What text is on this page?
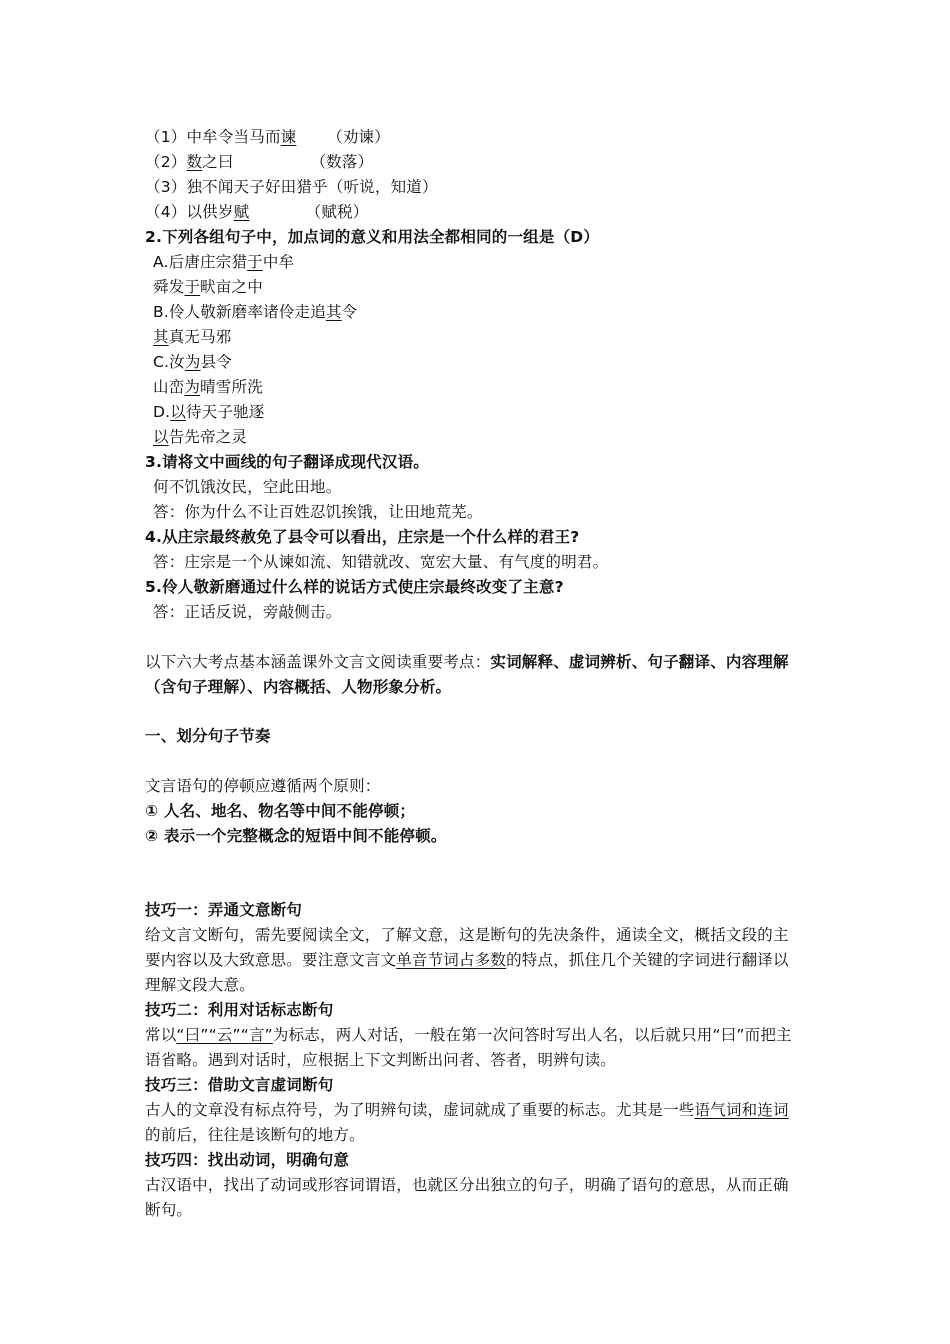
（1）中牟令当马而谏      （劝谏）
（2）数之曰               （数落）
（3）独不闻天子好田猎乎（听说，知道）
（4）以供岁赋           （赋税）
2.下列各组句子中，加点词的意义和用法全都相同的一组是（D）
A.后唐庄宗猎于中牟
舜发于畎亩之中
B.伶人敬新磨率诸伶走追其令
其真无马邪
C.汝为县令
山峦为晴雪所洗
D.以待天子驰逐
以告先帝之灵
3.请将文中画线的句子翻译成现代汉语。
何不饥饿汝民，空此田地。
答：你为什么不让百姓忍饥挨饿，让田地荒芜。
4.从庄宗最终赦免了县令可以看出，庄宗是一个什么样的君王?
答：庄宗是一个从谏如流、知错就改、宽宏大量、有气度的明君。
5.伶人敬新磨通过什么样的说话方式使庄宗最终改变了主意?
答：正话反说，旁敲侧击。
以下六大考点基本涵盖课外文言文阅读重要考点：实词解释、虚词辨析、句子翻译、内容理解（含句子理解）、内容概括、人物形象分析。
一、划分句子节奏
文言语句的停顿应遵循两个原则：
① 人名、地名、物名等中间不能停顿；
② 表示一个完整概念的短语中间不能停顿。
技巧一：弄通文意断句
给文言文断句，需先要阅读全文，了解文意，这是断句的先决条件，通读全文，概括文段的主要内容以及大致意思。要注意文言文单音节词占多数的特点，抓住几个关键的字词进行翻译以理解文段大意。
技巧二：利用对话标志断句
常以“曰”“云”“言”为标志，两人对话，一般在第一次问答时写出人名，以后就只用“曰”而把主语省略。遇到对话时，应根据上下文判断出问者、答者，明辨句读。
技巧三：借助文言虚词断句
古人的文章没有标点符号，为了明辨句读，虚词就成了重要的标志。尤其是一些语气词和连词的前后，往往是该断句的地方。
技巧四：找出动词，明确句意
古汉语中，找出了动词或形容词谓语，也就区分出独立的句子，明确了语句的意思，从而正确断句。
